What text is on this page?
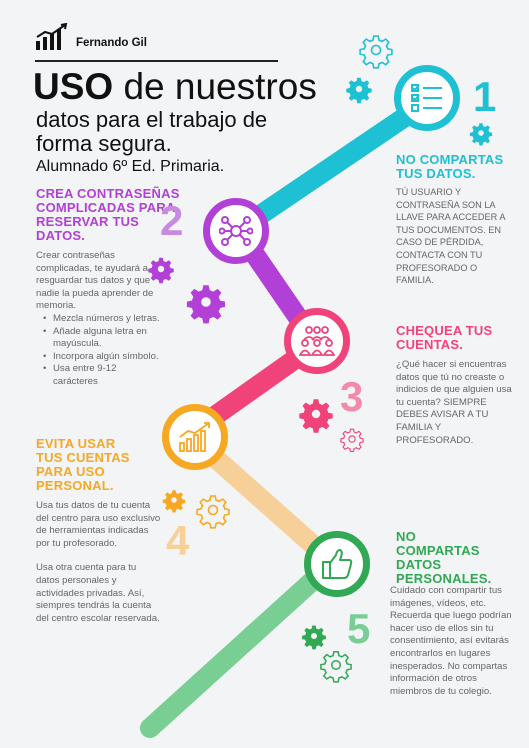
Fernando Gil
USO de nuestros
datos para el trabajo de
forma segura.
Alumnado 6º Ed. Primaria.
1
NO COMPARTAS TUS DATOS.
TÚ USUARIO Y CONTRASEÑA SON LA LLAVE PARA ACCEDER A TUS DOCUMENTOS. EN CASO DE PÉRDIDA, CONTACTA CON TU PROFESORADO O FAMILIA.
CREA CONTRASEÑAS COMPLICADAS PARA RESERVAR TUS DATOS.	2
Crear contraseñas complicadas, te ayudará a resguardar tus datos y que nadie la pueda aprender de memoria.
• Mezcla números y letras.
• Añade alguna letra en mayúscula.
• Incorpora algún símbolo.
• Usa entre 9-12 carácteres
CHEQUEA TUS CUENTAS.
¿Qué hacer si encuentras datos que tú no creaste o indicios de que alguien usa tu cuenta? SIEMPRE DEBES AVISAR A TU FAMILIA Y PROFESORADO.
3
EVITA USAR TUS CUENTAS PARA USO PERSONAL.
Usa tus datos de tu cuenta del centro para uso exclusivo de herramientas indicadas por tu profesorado.
Usa otra cuenta para tu datos personales y actividades privadas. Así, siempres tendrás la cuenta del centro escolar reservada.
4	NO COMPARTAS DATOS PERSONALES.
Cuidado con compartir tus imágenes, vídeos, etc.
Recuerda que luego podrían hacer uso de ellos sin tu consentimiento, así evitarás encontrarlos en lugares inesperados. No compartas información de otros miembros de tu colegio.
5
